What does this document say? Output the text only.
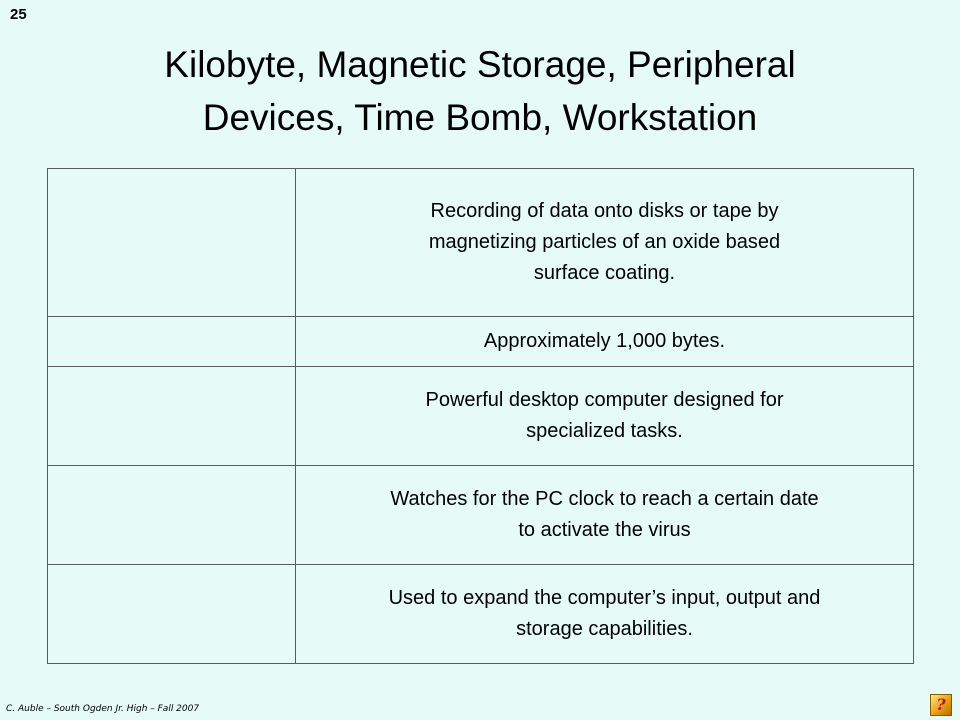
25
Kilobyte, Magnetic Storage, Peripheral
Devices, Time Bomb, Workstation

	Recording of data onto disks or tape by
magnetizing particles of an oxide based
surface coating.

	Approximately 1,000 bytes.

	Powerful desktop computer designed for
specialized tasks.

	Watches for the PC clock to reach a certain date
to activate the virus

	Used to expand the computer’s input, output and
storage capabilities.
C. Auble – South Ogden Jr. High – Fall 2007	?
